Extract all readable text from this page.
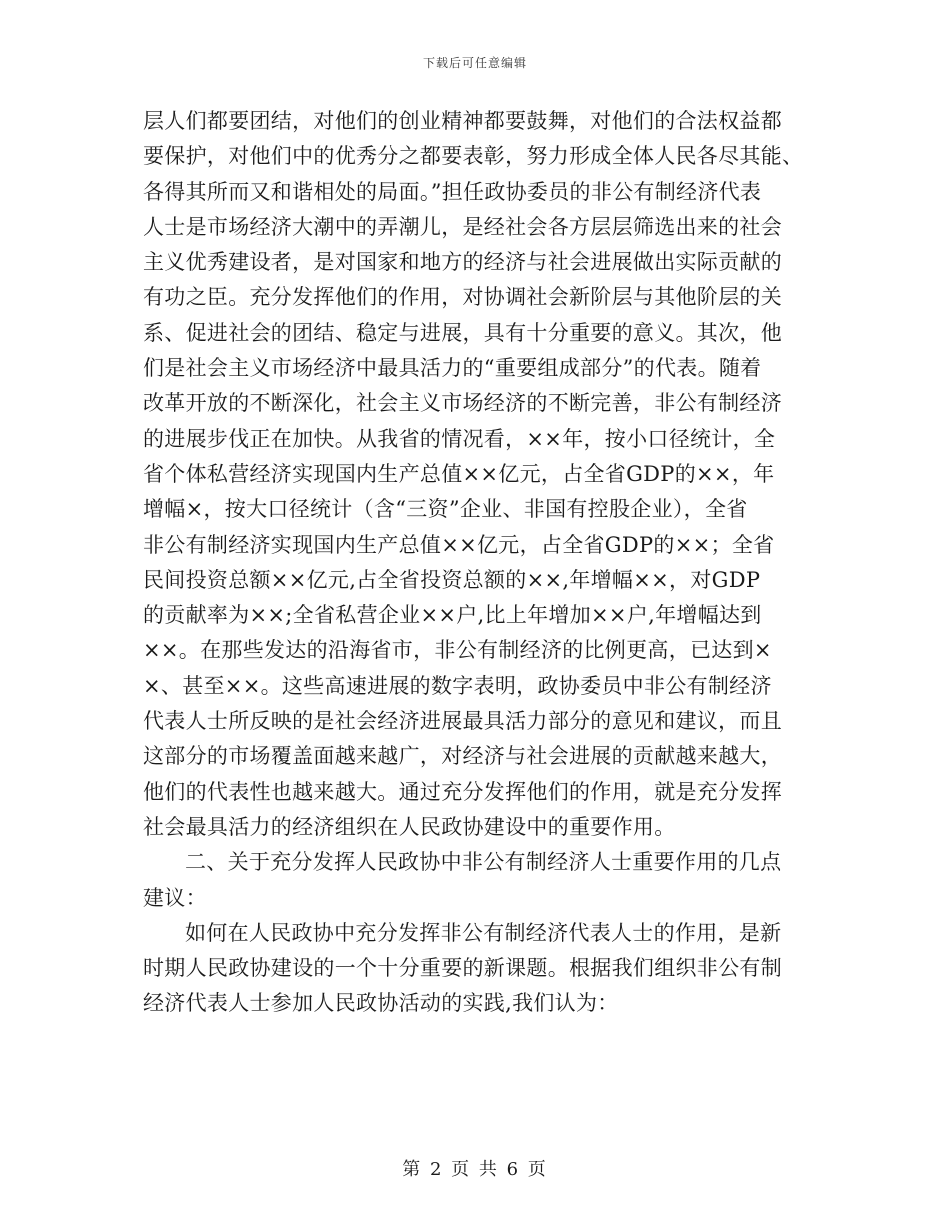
下载后可任意编辑
层人们都要团结，对他们的创业精神都要鼓舞，对他们的合法权益都
要保护，对他们中的优秀分之都要表彰，努力形成全体人民各尽其能、
各得其所而又和谐相处的局面。”担任政协委员的非公有制经济代表
人士是市场经济大潮中的弄潮儿，是经社会各方层层筛选出来的社会
主义优秀建设者，是对国家和地方的经济与社会进展做出实际贡献的
有功之臣。充分发挥他们的作用，对协调社会新阶层与其他阶层的关
系、促进社会的团结、稳定与进展，具有十分重要的意义。其次，他
们是社会主义市场经济中最具活力的“重要组成部分”的代表。随着
改革开放的不断深化，社会主义市场经济的不断完善，非公有制经济
的进展步伐正在加快。从我省的情况看，××年，按小口径统计，全
省个体私营经济实现国内生产总值××亿元，占全省GDP的××，年
增幅×，按大口径统计（含“三资”企业、非国有控股企业），全省
非公有制经济实现国内生产总值××亿元，占全省GDP的××；全省
民间投资总额××亿元,占全省投资总额的××,年增幅××，对GDP
的贡献率为××;全省私营企业××户,比上年增加××户,年增幅达到
××。在那些发达的沿海省市，非公有制经济的比例更高，已达到×
×、甚至××。这些高速进展的数字表明，政协委员中非公有制经济
代表人士所反映的是社会经济进展最具活力部分的意见和建议，而且
这部分的市场覆盖面越来越广，对经济与社会进展的贡献越来越大，
他们的代表性也越来越大。通过充分发挥他们的作用，就是充分发挥
社会最具活力的经济组织在人民政协建设中的重要作用。
二、关于充分发挥人民政协中非公有制经济人士重要作用的几点
建议：
如何在人民政协中充分发挥非公有制经济代表人士的作用，是新
时期人民政协建设的一个十分重要的新课题。根据我们组织非公有制
经济代表人士参加人民政协活动的实践,我们认为：
第 2 页 共 6 页
